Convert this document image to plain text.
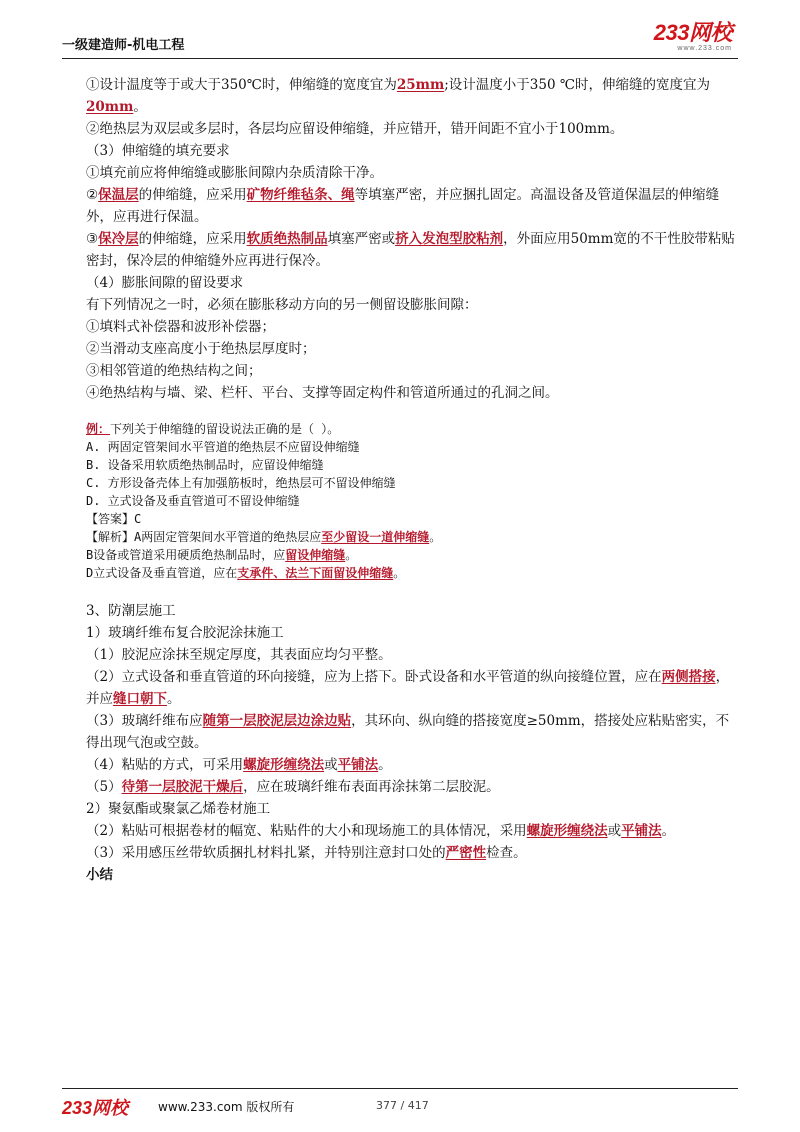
一级建造师-机电工程
233网校
www.233.com

①设计温度等于或大于350℃时，伸缩缝的宽度宜为25mm;设计温度小于350 ℃时，伸缩缝的宽度宜为20mm。

②绝热层为双层或多层时，各层均应留设伸缩缝，并应错开，错开间距不宜小于100mm。

（3）伸缩缝的填充要求

①填充前应将伸缩缝或膨胀间隙内杂质清除干净。

②保温层的伸缩缝，应采用矿物纤维毡条、绳等填塞严密，并应捆扎固定。高温设备及管道保温层的伸缩缝外，应再进行保温。

③保冷层的伸缩缝，应采用软质绝热制品填塞严密或挤入发泡型胶粘剂，外面应用50mm宽的不干性胶带粘贴密封，保冷层的伸缩缝外应再进行保冷。

（4）膨胀间隙的留设要求

有下列情况之一时，必须在膨胀移动方向的另一侧留设膨胀间隙：

①填料式补偿器和波形补偿器；

②当滑动支座高度小于绝热层厚度时；

③相邻管道的绝热结构之间；

④绝热结构与墙、梁、栏杆、平台、支撑等固定构件和管道所通过的孔洞之间。

例：下列关于伸缩缝的留设说法正确的是（ ）。

A. 两固定管架间水平管道的绝热层不应留设伸缩缝

B. 设备采用软质绝热制品时，应留设伸缩缝

C. 方形设备壳体上有加强筋板时，绝热层可不留设伸缩缝

D. 立式设备及垂直管道可不留设伸缩缝

【答案】C

【解析】A两固定管架间水平管道的绝热层应至少留设一道伸缩缝。

B设备或管道采用硬质绝热制品时，应留设伸缩缝。

D立式设备及垂直管道，应在支承件、法兰下面留设伸缩缝。

3、防潮层施工

1）玻璃纤维布复合胶泥涂抹施工

（1）胶泥应涂抹至规定厚度，其表面应均匀平整。

（2）立式设备和垂直管道的环向接缝，应为上搭下。卧式设备和水平管道的纵向接缝位置，应在两侧搭接，并应缝口朝下。

（3）玻璃纤维布应随第一层胶泥层边涂边贴，其环向、纵向缝的搭接宽度≥50mm，搭接处应粘贴密实，不得出现气泡或空鼓。

（4）粘贴的方式，可采用螺旋形缠绕法或平铺法。

（5）待第一层胶泥干燥后，应在玻璃纤维布表面再涂抹第二层胶泥。

2）聚氨酯或聚氯乙烯卷材施工

（2）粘贴可根据卷材的幅宽、粘贴件的大小和现场施工的具体情况，采用螺旋形缠绕法或平铺法。

（3）采用感压丝带软质捆扎材料扎紧，并特别注意封口处的严密性检查。

小结

233网校 www.233.com 版权所有	377 / 417
